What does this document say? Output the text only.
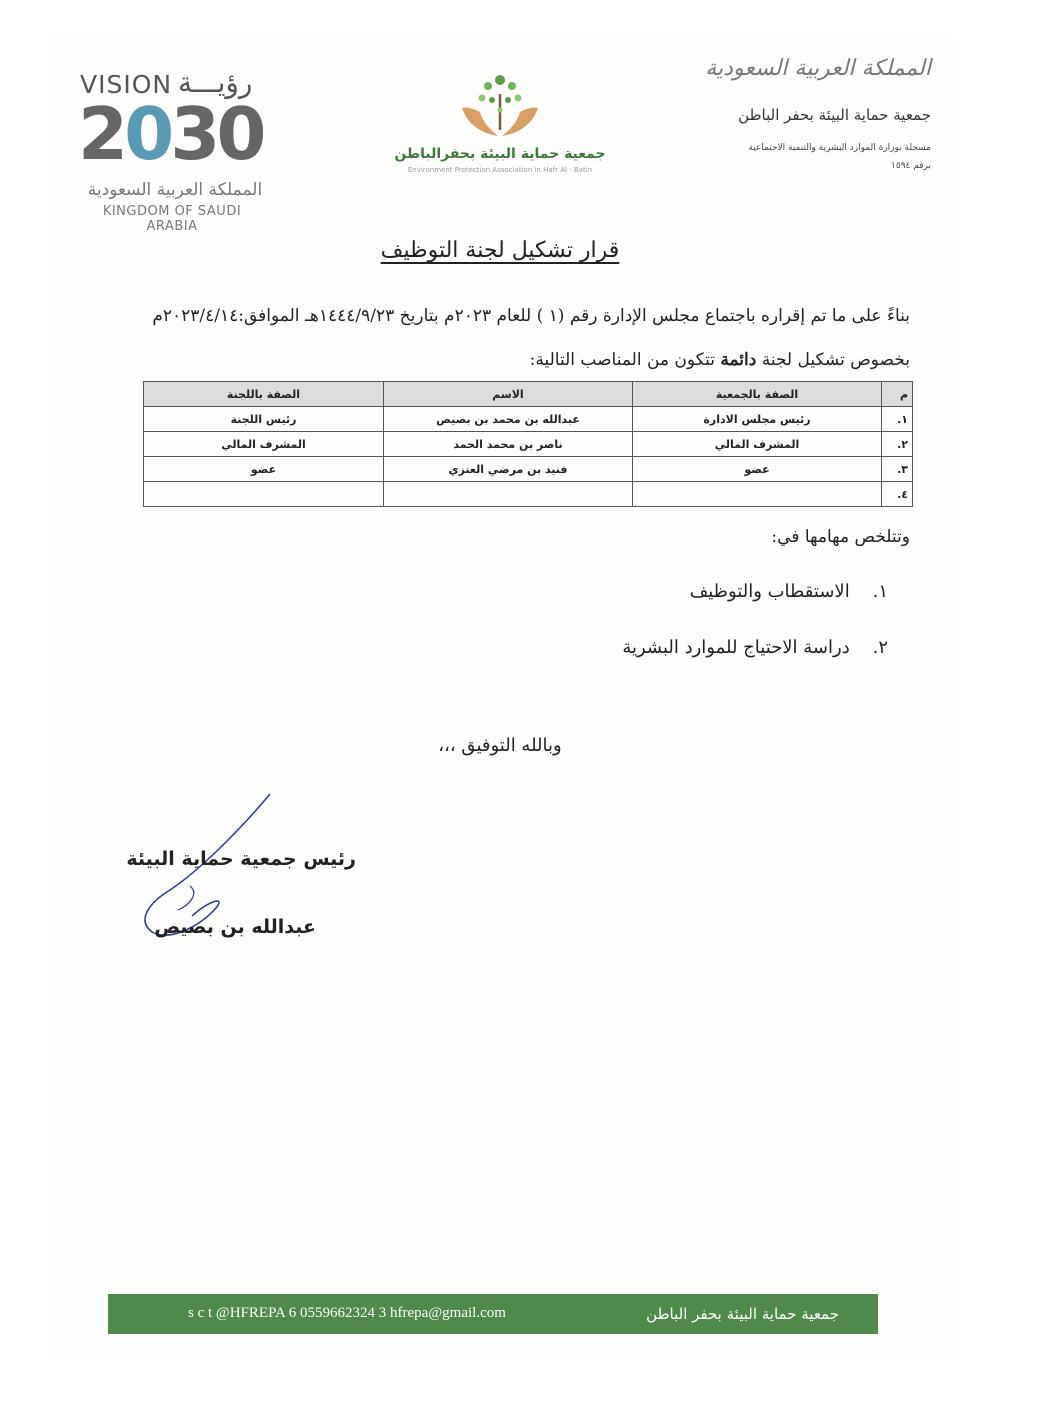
VISION رؤيـــة
2030
المملكة العربية السعودية
KINGDOM OF SAUDI ARABIA
جمعية حماية البيئة بحفرالباطن
Environment Protection Association in Hafr Al - Batin
المملكة العربية السعودية
جمعية حماية البيئة بحفر الباطن
مسجلة بوزارة الموارد البشرية والتنمية الاجتماعية
برقم ١٥٩٤
قرار تشكيل لجنة التوظيف
بناءً على ما تم إقراره باجتماع مجلس الإدارة رقم (١ ) للعام ٢٠٢٣م بتاريخ ١٤٤٤/٩/٢٣هـ الموافق:٢٠٢٣/٤/١٤م
بخصوص تشكيل لجنة دائمة تتكون من المناصب التالية:
م	الصفة بالجمعية	الاسم	الصفة باللجنة
١.	رئيس مجلس الادارة	عبدالله بن محمد بن بصيص	رئيس اللجنة
٢.	المشرف المالي	ناصر بن محمد الحمد	المشرف المالي
٣.	عضو	فنيد بن مرضي العنزي	عضو
٤.			
وتتلخص مهامها في:
١.    الاستقطاب والتوظيف
٢.    دراسة الاحتياج للموارد البشرية
وبالله التوفيق ،،،
رئيس جمعية حماية البيئة
عبدالله بن بصيص
s c t @HFREPA 6 0559662324 3 hfrepa@gmail.com	جمعية حماية البيئة بحفر الباطن
